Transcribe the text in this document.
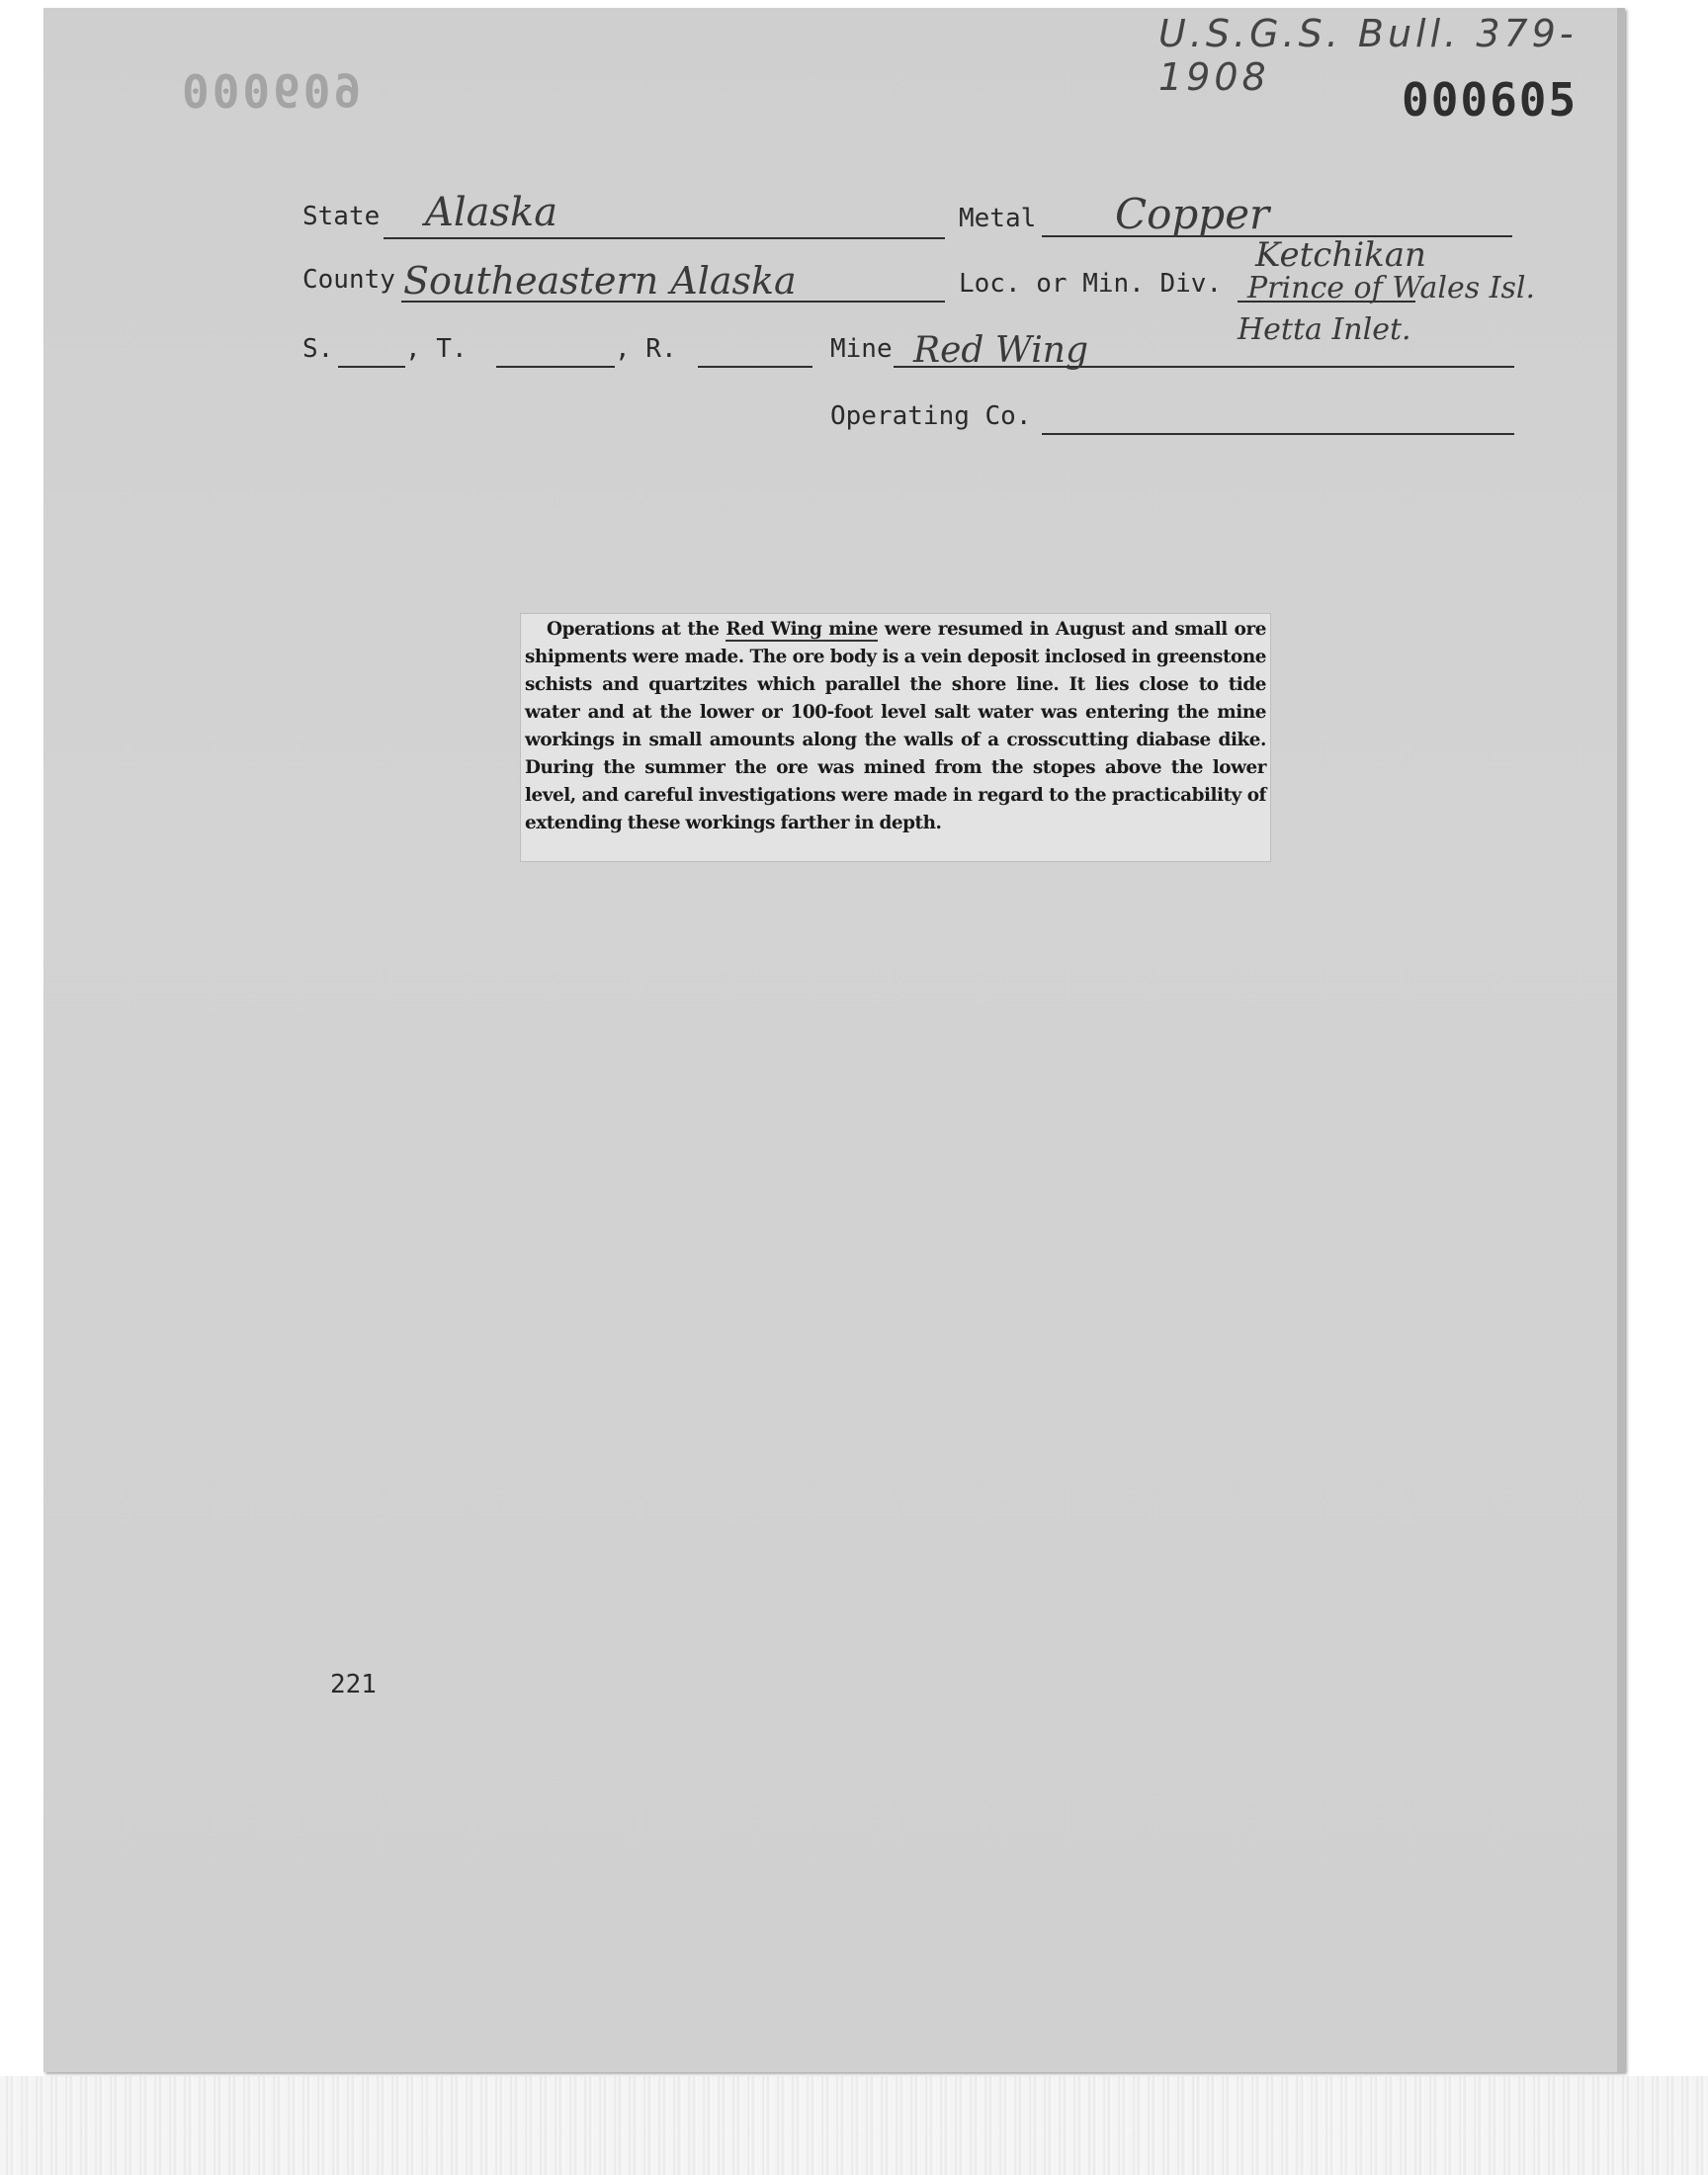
U.S.G.S. Bull. 379-1908
000609	000605
State Alaska	Metal Copper
County Southeastern Alaska	Loc. or Min. Div.
Ketchikan
Prince of Wales Isl.
Hetta Inlet.
S.	, T.	, R.	Mine Red Wing
Operating Co.

Operations at the Red Wing mine were resumed in August and small ore shipments were made. The ore body is a vein deposit inclosed in greenstone schists and quartzites which parallel the shore line. It lies close to tide water and at the lower or 100-foot level salt water was entering the mine workings in small amounts along the walls of a crosscutting diabase dike. During the summer the ore was mined from the stopes above the lower level, and careful investigations were made in regard to the practicability of extending these workings farther in depth.

221
